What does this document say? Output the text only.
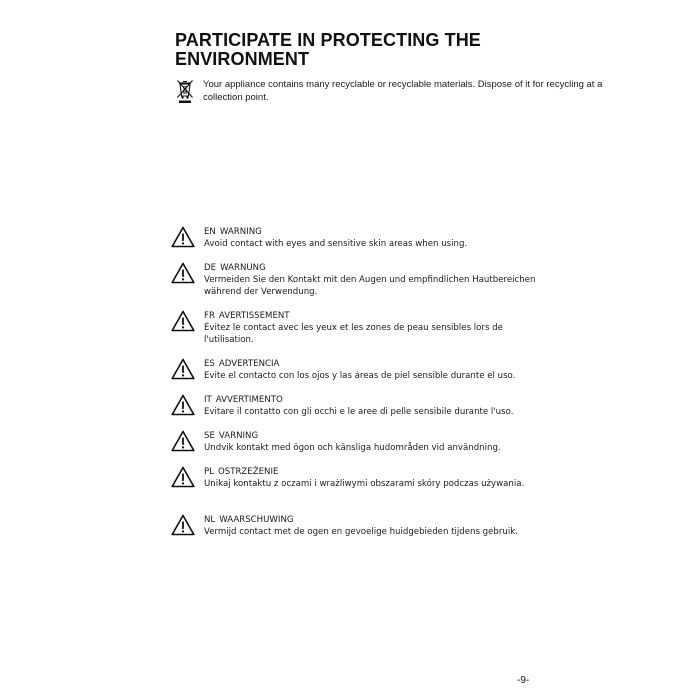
PARTICIPATE IN PROTECTING THE ENVIRONMENT
Your appliance contains many recyclable or recyclable materials. Dispose of it for recycling at a collection point.
EN WARNING
Avoid contact with eyes and sensitive skin areas when using.
DE WARNUNG
Vermeiden Sie den Kontakt mit den Augen und empfindlichen Hautbereichen während der Verwendung.
FR AVERTISSEMENT
Évitez le contact avec les yeux et les zones de peau sensibles lors de l'utilisation.
ES ADVERTENCIA
Evite el contacto con los ojos y las áreas de piel sensible durante el uso.
IT AVVERTIMENTO
Evitare il contatto con gli occhi e le aree di pelle sensibile durante l'uso.
SE VARNING
Undvik kontakt med ögon och känsliga hudområden vid användning.
PL OSTRZEŻENIE
Unikaj kontaktu z oczami i wrażliwymi obszarami skóry podczas używania.
NL WAARSCHUWING
Vermijd contact met de ogen en gevoelige huidgebieden tijdens gebruik.
-9-
